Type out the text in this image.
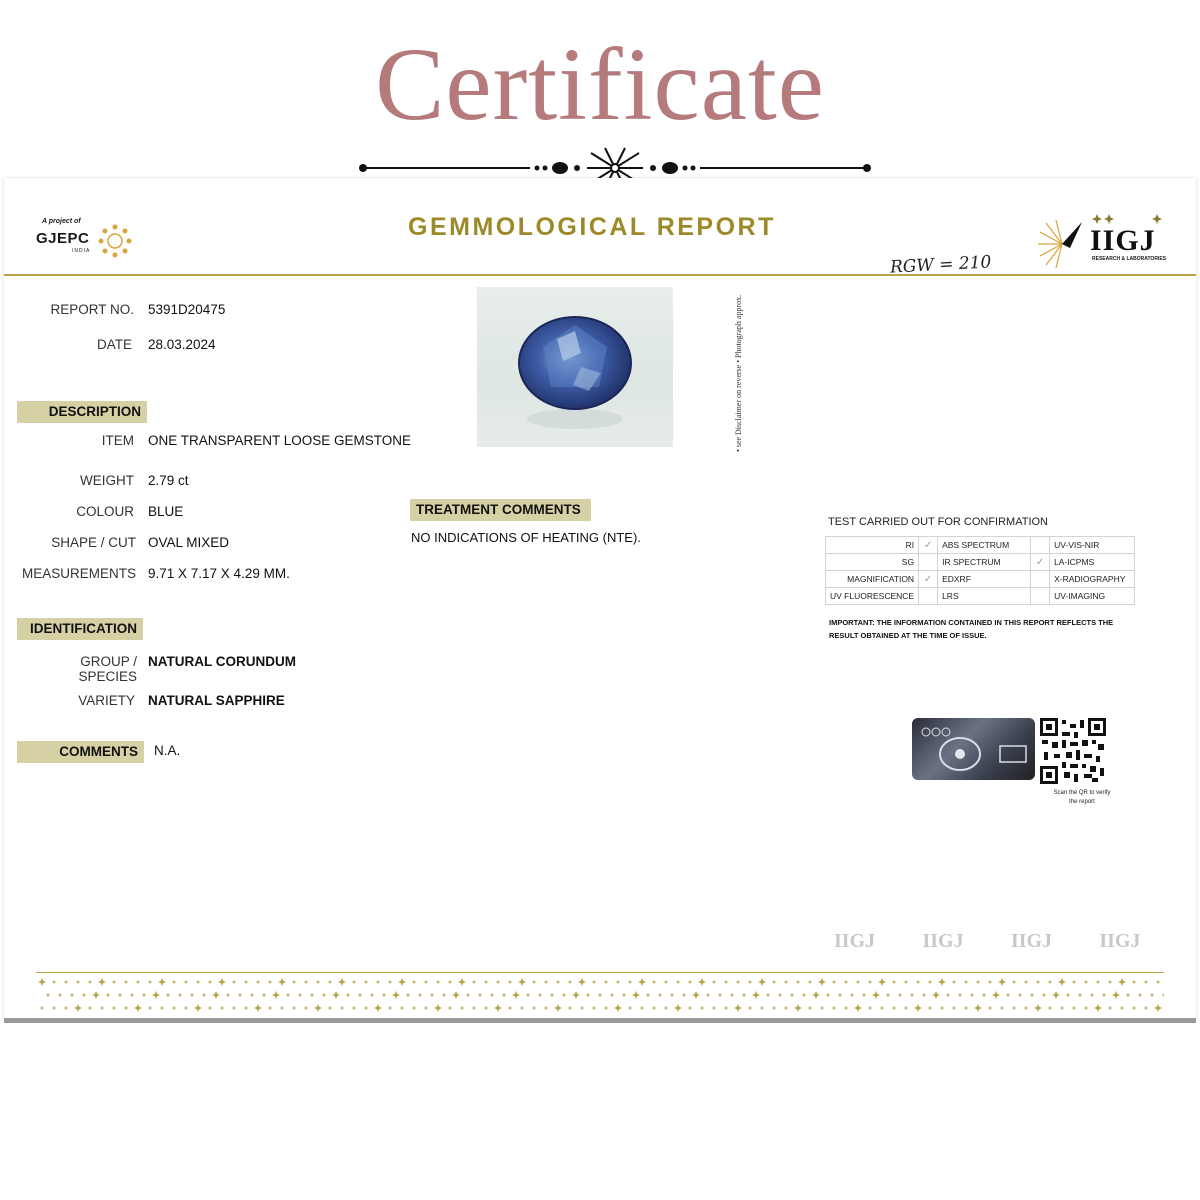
Certificate
A project of
GJEPC
INDIA
GEMMOLOGICAL REPORT	IIGJ
RESEARCH & LABORATORIES
RGW = 210
REPORT NO. 5391D20475
DATE 28.03.2024
DESCRIPTION
ITEM ONE TRANSPARENT LOOSE GEMSTONE
WEIGHT 2.79 ct
COLOUR BLUE
SHAPE / CUT OVAL MIXED
MEASUREMENTS 9.71 X 7.17 X 4.29 MM.
IDENTIFICATION
GROUP / SPECIES
NATURAL CORUNDUM
VARIETY NATURAL SAPPHIRE
COMMENTS	N.A.
• see Disclaimer on reverse • Photograph approx.
TREATMENT COMMENTS
NO INDICATIONS OF HEATING (NTE).
TEST CARRIED OUT FOR CONFIRMATION
RI	✓	ABS SPECTRUM		UV-VIS-NIR
SG		IR SPECTRUM	✓	LA-ICPMS
MAGNIFICATION	✓	EDXRF		X-RADIOGRAPHY
UV FLUORESCENCE		LRS		UV-IMAGING
IMPORTANT: THE INFORMATION CONTAINED IN THIS REPORT REFLECTS THE RESULT OBTAINED AT THE TIME OF ISSUE.
Scan the QR to verify the report
IIGJ IIGJ IIGJ IIGJ
